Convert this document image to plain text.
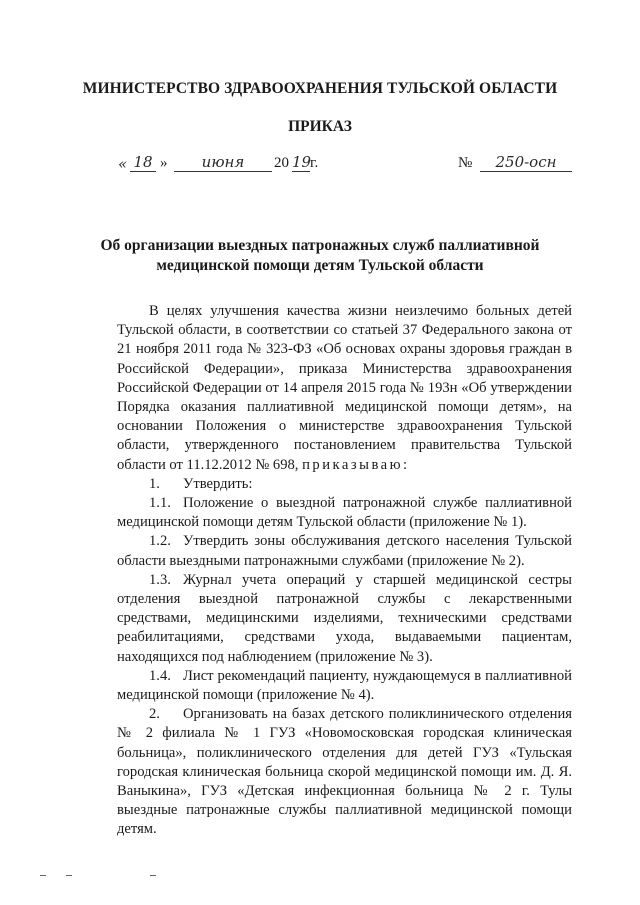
МИНИСТЕРСТВО ЗДРАВООХРАНЕНИЯ ТУЛЬСКОЙ ОБЛАСТИ
ПРИКАЗ
« 18 »	июня	20 19
г.	№	250-осн
Об организации выездных патронажных служб паллиативной
медицинской помощи детям Тульской области

В целях улучшения качества жизни неизлечимо больных детей Тульской области, в соответствии со статьей 37 Федерального закона от 21 ноября 2011 года № 323-ФЗ «Об основах охраны здоровья граждан в Российской Федерации», приказа Министерства здравоохранения Российской Федерации от 14 апреля 2015 года № 193н «Об утверждении Порядка оказания паллиативной медицинской помощи детям», на основании Положения о министерстве здравоохранения Тульской области, утвержденного постановлением правительства Тульской области от 11.12.2012 № 698, приказываю:

1. Утвердить:

1.1. Положение о выездной патронажной службе паллиативной медицинской помощи детям Тульской области (приложение № 1).

1.2. Утвердить зоны обслуживания детского населения Тульской области выездными патронажными службами (приложение № 2).

1.3. Журнал учета операций у старшей медицинской сестры отделения выездной патронажной службы с лекарственными средствами, медицинскими изделиями, техническими средствами реабилитациями, средствами ухода, выдаваемыми пациентам, находящихся под наблюдением (приложение № 3).

1.4. Лист рекомендаций пациенту, нуждающемуся в паллиативной медицинской помощи (приложение № 4).

2. Организовать на базах детского поликлинического отделения № 2 филиала № 1 ГУЗ «Новомосковская городская клиническая больница», поликлинического отделения для детей ГУЗ «Тульская городская клиническая больница скорой медицинской помощи им. Д. Я. Ваныкина», ГУЗ «Детская инфекционная больница № 2 г. Тулы выездные патронажные службы паллиативной медицинской помощи детям.
